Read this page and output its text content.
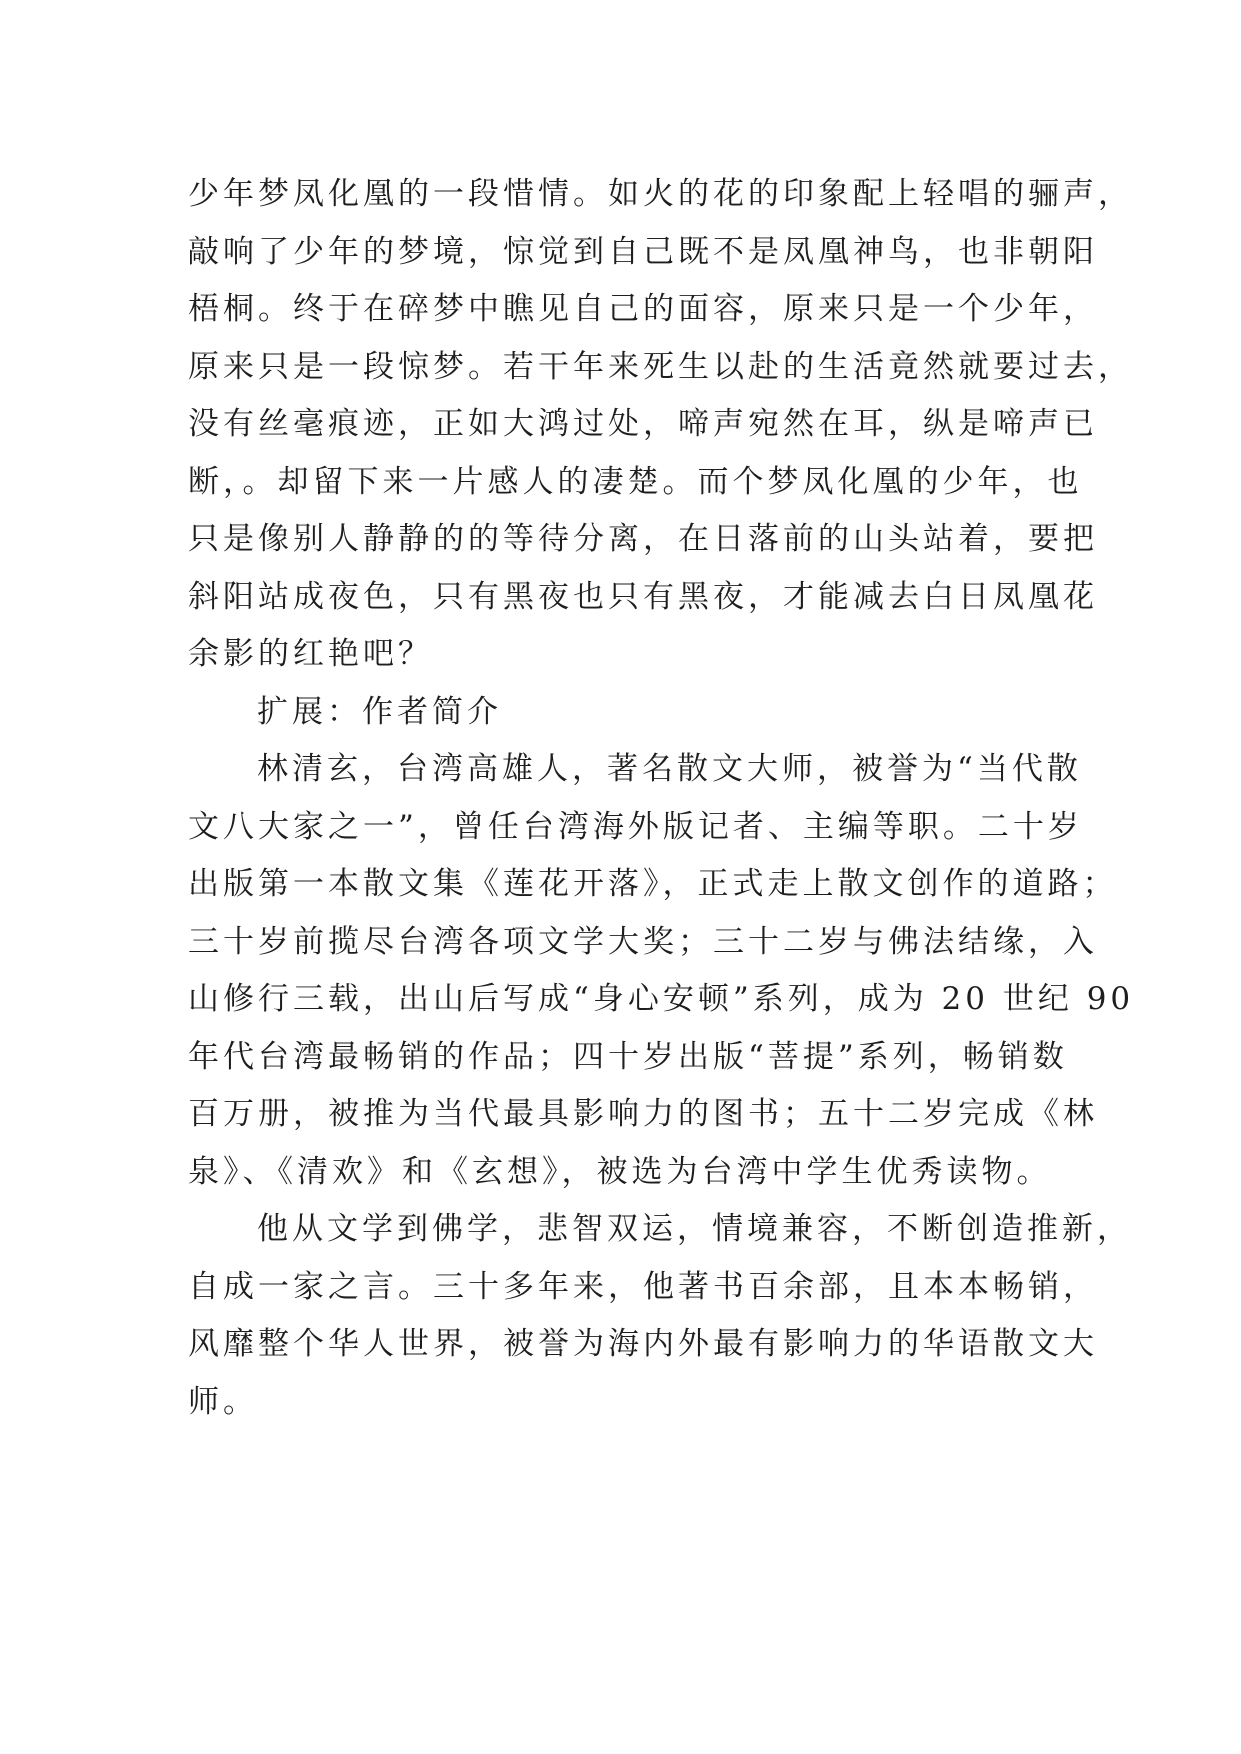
少年梦凤化凰的一段惜情。如火的花的印象配上轻唱的骊声，
敲响了少年的梦境，惊觉到自己既不是凤凰神鸟，也非朝阳
梧桐。终于在碎梦中瞧见自己的面容，原来只是一个少年，
原来只是一段惊梦。若干年来死生以赴的生活竟然就要过去，
没有丝毫痕迹，正如大鸿过处，啼声宛然在耳，纵是啼声已
断，。却留下来一片感人的凄楚。而个梦凤化凰的少年，也
只是像别人静静的的等待分离，在日落前的山头站着，要把
斜阳站成夜色，只有黑夜也只有黑夜，才能减去白日凤凰花
余影的红艳吧？
扩展：作者简介
林清玄，台湾高雄人，著名散文大师，被誉为“当代散
文八大家之一”，曾任台湾海外版记者、主编等职。二十岁
出版第一本散文集《莲花开落》，正式走上散文创作的道路；
三十岁前揽尽台湾各项文学大奖；三十二岁与佛法结缘，入
山修行三载，出山后写成“身心安顿”系列，成为 20 世纪 90
年代台湾最畅销的作品；四十岁出版“菩提”系列，畅销数
百万册，被推为当代最具影响力的图书；五十二岁完成《林
泉》、《清欢》和《玄想》，被选为台湾中学生优秀读物。
他从文学到佛学，悲智双运，情境兼容，不断创造推新，
自成一家之言。三十多年来，他著书百余部，且本本畅销，
风靡整个华人世界，被誉为海内外最有影响力的华语散文大
师。
